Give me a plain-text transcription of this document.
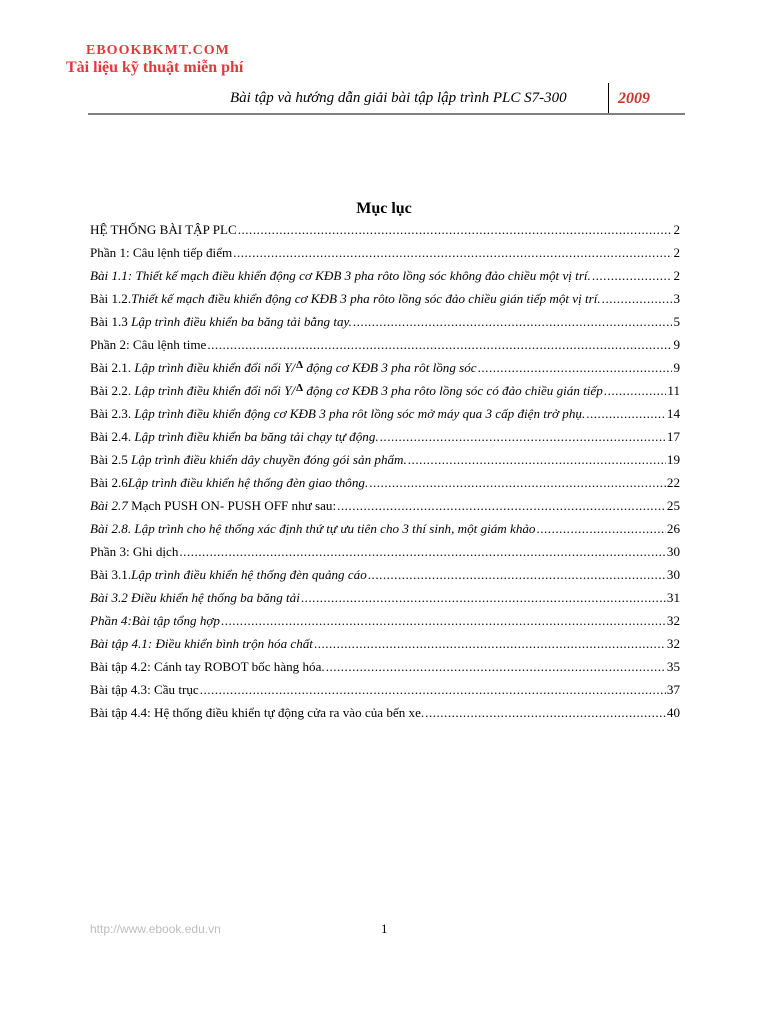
EBOOKBKMT.COM
Tài liệu kỹ thuật miễn phí
Bài tập và hướng dẫn giải bài tập lập trình PLC S7-300	2009
Mục lục
HỆ THỐNG BÀI TẬP PLC .....	2
Phần 1: Câu lệnh tiếp điểm .....	2
Bài 1.1: Thiết kế mạch điều khiển động cơ KĐB 3 pha rôto lồng sóc không đảo chiều một vị trí. .....	2
Bài 1.2.Thiết kế mạch điều khiển động cơ KĐB 3 pha rôto lồng sóc đảo chiều gián tiếp một vị trí. .....	3
Bài 1.3 Lập trình điều khiển ba băng tải bằng tay. .....	5
Phần 2: Câu lệnh time .....	9
Bài 2.1. Lập trình điều khiển đổi nối Y/$^\Delta$ động cơ KĐB 3 pha rôt lồng sóc .....	9
Bài 2.2. Lập trình điều khiển đổi nối Y/$^\Delta$ động cơ KĐB 3 pha rôto lồng sóc có đảo chiều gián tiếp .....	11
Bài 2.3. Lập trình điều khiển động cơ KĐB 3 pha rôt lồng sóc mở máy qua 3 cấp điện trở phụ. .....	14
Bài 2.4. Lập trình điều khiển ba băng tải chạy tự động. .....	17
Bài 2.5 Lập trình điều khiển dây chuyền đóng gói sản phẩm. .....	19
Bài 2.6Lập trình điều khiển hệ thống đèn giao thông. .....	22
Bài 2.7 Mạch PUSH ON- PUSH OFF như sau: .....	25
Bài 2.8. Lập trình cho hệ thống xác định thứ tự ưu tiên cho 3 thí sinh, một giám khảo .....	26
Phần 3: Ghi dịch .....	30
Bài 3.1.Lập trình điều khiển hệ thống đèn quảng cáo .....	30
Bài 3.2 Điều khiển hệ thống ba băng tải .....	31
Phần 4:Bài tập tổng hợp .....	32
Bài tập 4.1: Điều khiển bình trộn hóa chất .....	32
Bài tập 4.2: Cánh tay ROBOT bốc hàng hóa. .....	35
Bài tập 4.3: Cầu trục .....	37
Bài tập 4.4: Hệ thống điều khiển tự động cửa ra vào của bến xe. .....	40
http://www.ebook.edu.vn	1
